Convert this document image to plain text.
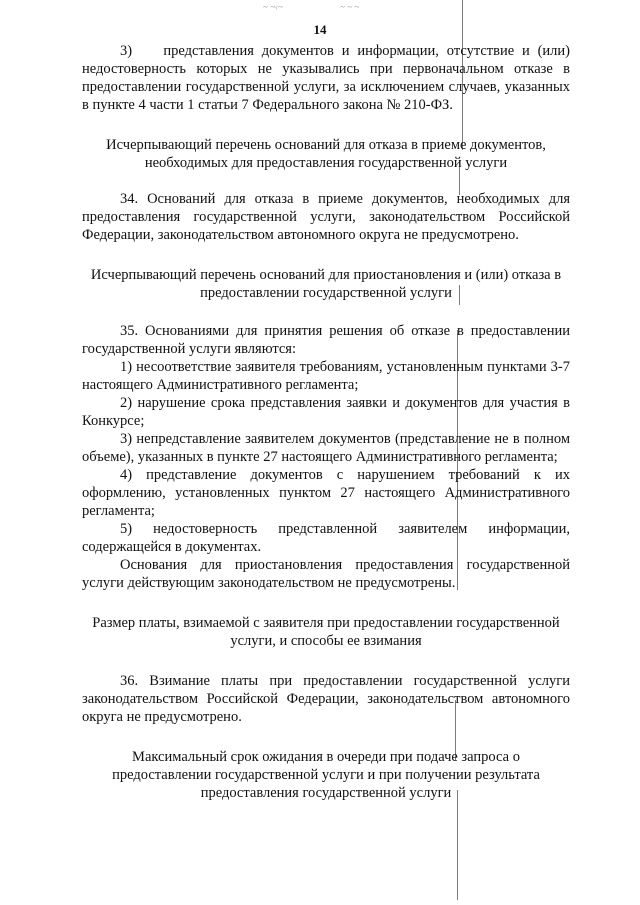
~ ~‹~	~ ~ ~
14

3)    представления документов и информации, отсутствие и (или) недостоверность которых не указывались при первоначальном отказе в предоставлении государственной услуги, за исключением случаев, указанных в пункте 4 части 1 статьи 7 Федерального закона № 210-ФЗ.

Исчерпывающий перечень оснований для отказа в приеме документов, необходимых для предоставления государственной услуги

34. Оснований для отказа в приеме документов, необходимых для предоставления государственной услуги, законодательством Российской Федерации, законодательством автономного округа не предусмотрено.

Исчерпывающий перечень оснований для приостановления и (или) отказа в предоставлении государственной услуги

35. Основаниями для принятия решения об отказе в предоставлении государственной услуги являются:

1) несоответствие заявителя требованиям, установленным пунктами 3-7 настоящего Административного регламента;

2) нарушение срока представления заявки и документов для участия в Конкурсе;

3) непредставление заявителем документов (представление не в полном объеме), указанных в пункте 27 настоящего Административного регламента;

4) представление документов с нарушением требований к их оформлению, установленных пунктом 27 настоящего Административного регламента;

5) недостоверность представленной заявителем информации, содержащейся в документах.

Основания для приостановления предоставления государственной услуги действующим законодательством не предусмотрены.

Размер платы, взимаемой с заявителя при предоставлении государственной услуги, и способы ее взимания

36. Взимание платы при предоставлении государственной услуги законодательством Российской Федерации, законодательством автономного округа не предусмотрено.

Максимальный срок ожидания в очереди при подаче запроса о предоставлении государственной услуги и при получении результата предоставления государственной услуги
